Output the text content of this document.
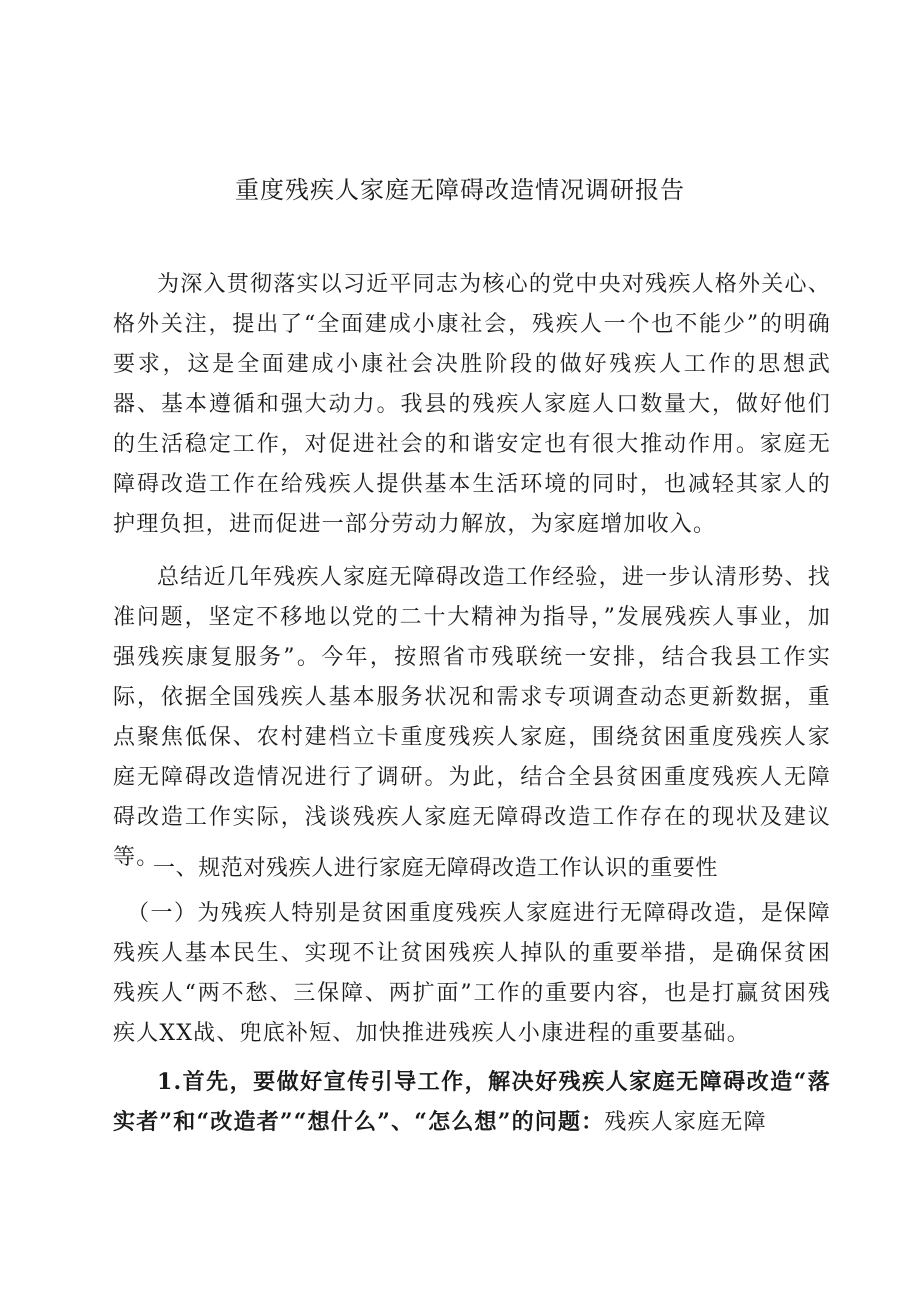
重度残疾人家庭无障碍改造情况调研报告

为深入贯彻落实以习近平同志为核心的党中央对残疾人格外关心、格外关注，提出了“全面建成小康社会，残疾人一个也不能少”的明确要求，这是全面建成小康社会决胜阶段的做好残疾人工作的思想武器、基本遵循和强大动力。我县的残疾人家庭人口数量大，做好他们的生活稳定工作，对促进社会的和谐安定也有很大推动作用。家庭无障碍改造工作在给残疾人提供基本生活环境的同时，也减轻其家人的护理负担，进而促进一部分劳动力解放，为家庭增加收入。

总结近几年残疾人家庭无障碍改造工作经验，进一步认清形势、找准问题，坚定不移地以党的二十大精神为指导，”发展残疾人事业，加强残疾康复服务”。今年，按照省市残联统一安排，结合我县工作实际，依据全国残疾人基本服务状况和需求专项调查动态更新数据，重点聚焦低保、农村建档立卡重度残疾人家庭，围绕贫困重度残疾人家庭无障碍改造情况进行了调研。为此，结合全县贫困重度残疾人无障碍改造工作实际，浅谈残疾人家庭无障碍改造工作存在的现状及建议等。

一、规范对残疾人进行家庭无障碍改造工作认识的重要性

（一）为残疾人特别是贫困重度残疾人家庭进行无障碍改造，是保障残疾人基本民生、实现不让贫困残疾人掉队的重要举措，是确保贫困残疾人“两不愁、三保障、两扩面”工作的重要内容，也是打赢贫困残疾人XX战、兜底补短、加快推进残疾人小康进程的重要基础。

1.首先，要做好宣传引导工作，解决好残疾人家庭无障碍改造“落实者”和“改造者”“想什么”、“怎么想”的问题：残疾人家庭无障
